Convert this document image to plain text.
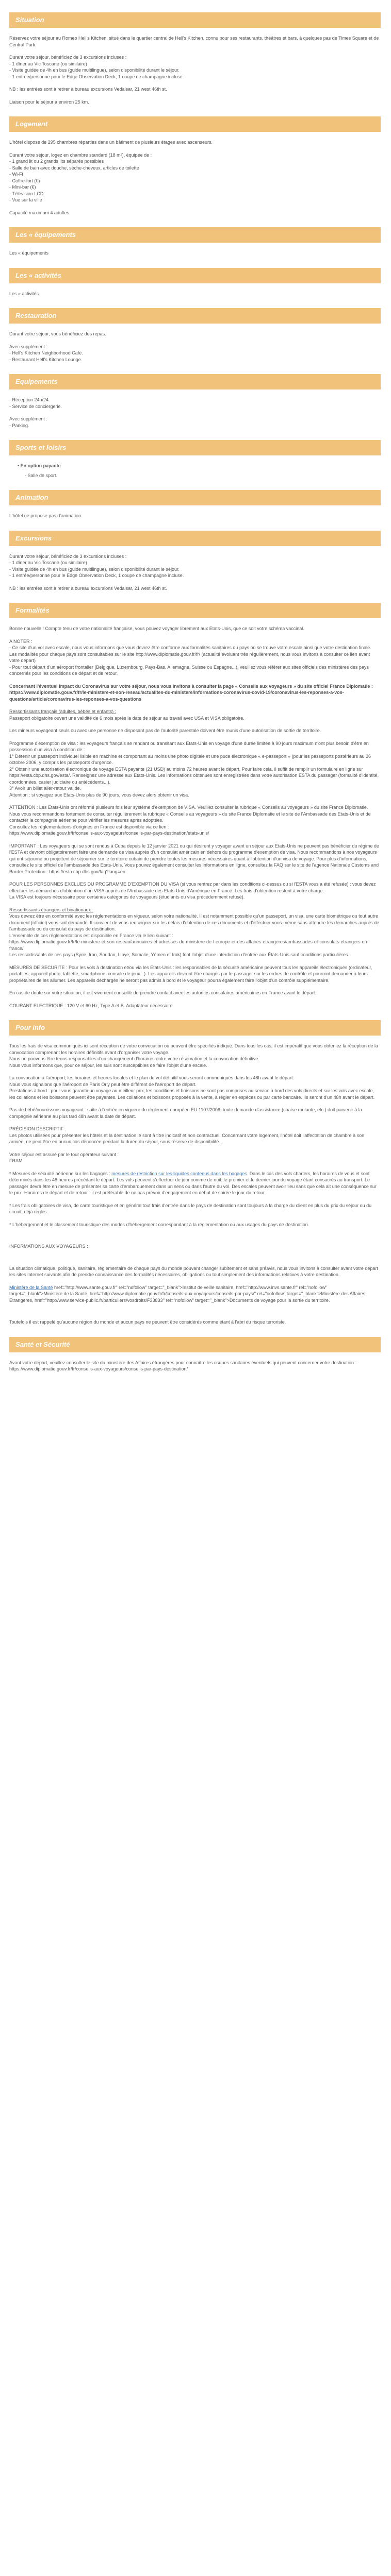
Situation

Réservez votre séjour au Romeo Hell's Kitchen, situé dans le quartier central de Hell's Kitchen, connu pour ses restaurants, théâtres et bars, à quelques pas de Times Square et de Central Park.

Durant votre séjour, bénéficiez de 3 excursions incluses :

- 1 dîner au Vic Toscane (ou similaire)

- Visite guidée de 4h en bus (guide multilingue), selon disponibilité durant le séjour.

- 1 entrée/personne pour le Edge Observation Deck, 1 coupe de champagne incluse.

NB : les entrées sont à retirer à bureau excursions Vedalsar, 21 west 46th st.

Liaison pour le séjour à environ 25 km.

Logement

L'hôtel dispose de 295 chambres réparties dans un bâtiment de plusieurs étages avec ascenseurs.

Durant votre séjour, logez en chambre standard (18 m²), équipée de :

- 1 grand lit ou 2 grands lits séparés possibles

- Salle de bain avec douche, sèche-cheveux, articles de toilette

- Wi-Fi

- Coffre-fort (€)

- Mini-bar (€)

- Télévision LCD

- Vue sur la ville

Capacité maximum 4 adultes.

Les « équipements

Les « équipements

Les « activités

Les « activités

Restauration

Durant votre séjour, vous bénéficiez des repas.

Avec supplément :

- Hell's Kitchen Neighborhood Café.

- Restaurant Hell's Kitchen Lounge.

Equipements

- Réception 24h/24.

- Service de conciergerie.

Avec supplément :

- Parking.

Sports et loisirs
• En option payante
- Salle de sport.
Animation

L'hôtel ne propose pas d'animation.

Excursions

Durant votre séjour, bénéficiez de 3 excursions incluses :

- 1 dîner au Vic Toscane (ou similaire)

- Visite guidée de 4h en bus (guide multilingue), selon disponibilité durant le séjour.

- 1 entrée/personne pour le Edge Observation Deck, 1 coupe de champagne incluse.

NB : les entrées sont à retirer à bureau excursions Vedalsar, 21 west 46th st.

Formalités

Bonne nouvelle ! Compte tenu de votre nationalité française, vous pouvez voyager librement aux Etats-Unis, que ce soit votre schéma vaccinal.

A NOTER :

- Ce site d'un vol avec escale, nous vous informons que vous devrez être conforme aux formalités sanitaires du pays où se trouve votre escale ainsi que votre destination finale.
Les modalités pour chaque pays sont consultables sur le site http://www.diplomatie.gouv.fr/fr/ (actualité évoluant très régulièrement, nous vous invitons à consulter ce lien avant votre départ)
- Pour tout départ d'un aéroport frontalier (Belgique, Luxembourg, Pays-Bas, Allemagne, Suisse ou Espagne...), veuillez vous référer aux sites officiels des ministères des pays concernés pour les conditions de départ et de retour.

Concernant l'éventuel impact du Coronavirus sur votre séjour, nous vous invitons à consulter la page « Conseils aux voyageurs » du site officiel France Diplomatie : https://www.diplomatie.gouv.fr/fr/le-ministere-et-son-reseau/actualites-du-ministere/informations-coronavirus-covid-19/coronavirus-les-reponses-a-vos-questions/article/coronavirus-les-reponses-a-vos-questions

Ressortissants français (adultes, bébés et enfants) :

Passeport obligatoire ouvert une validité de 6 mois après la date de séjour au travail avec USA et VISA obligatoire.

Les mineurs voyageant seuls ou avec une personne ne disposant pas de l'autorité parentale doivent être munis d'une autorisation de sortie de territoire.

Programme d'exemption de visa : les voyageurs français se rendant ou transitant aux Etats-Unis en voyage d'une durée limitée à 90 jours maximum n'ont plus besoin d'être en possession d'un visa à condition de :
1° Détenir un passeport individuel lisible en machine et comportant au moins une photo digitale et une puce électronique « e-passeport » (pour les passeports postérieurs au 26 octobre 2006, y compris les passeports d'urgence.
2° Obtenir une autorisation électronique de voyage ESTA payante (21 USD) au moins 72 heures avant le départ. Pour faire cela, il suffit de remplir un formulaire en ligne sur https://esta.cbp.dhs.gov/esta/. Renseignez une adresse aux Etats-Unis. Les informations obtenues sont enregistrées dans votre autorisation ESTA du passager (formalité d'identité, coordonnées, casier judiciaire ou antécédents...).
3° Avoir un billet aller-retour valide.
Attention : si voyagez aux Etats-Unis plus de 90 jours, vous devez alors obtenir un visa.

ATTENTION : Les Etats-Unis ont réformé plusieurs fois leur système d'exemption de VISA. Veuillez consulter la rubrique « Conseils au voyageurs » du site France Diplomatie.
Nous vous recommandons fortement de consulter régulièrement la rubrique « Conseils au voyageurs » du site France Diplomatie et le site de l'Ambassade des Etats-Unis et de contacter la compagnie aérienne pour vérifier les mesures après adoptées.
Consultez les réglementations d'origines en France est disponible via ce lien :
https://www.diplomatie.gouv.fr/fr/conseils-aux-voyageurs/conseils-par-pays-destination/etats-unis/

IMPORTANT : Les voyageurs qui se sont rendus à Cuba depuis le 12 janvier 2021 ou qui désirent y voyager avant un séjour aux Etats-Unis ne peuvent pas bénéficier du régime de l'ESTA et devront obligatoirement faire une demande de visa auprès d'un consulat américain en dehors du programme d'exemption de visa. Nous recommandons à nos voyageurs qui ont séjourné ou projettent de séjourner sur le territoire cubain de prendre toutes les mesures nécessaires quant à l'obtention d'un visa de voyage. Pour plus d'informations, consultez le site officiel de l'ambassade des Etats-Unis. Vous pouvez également consulter les informations en ligne, consultez la FAQ sur le site de l'agence Nationale Customs and Border Protection : https://esta.cbp.dhs.gov/faq?lang=en

POUR LES PERSONNES EXCLUES DU PROGRAMME D'EXEMPTION DU VISA (si vous rentrez par dans les conditions ci-dessus ou si l'ESTA vous a été refusée) : vous devez effectuer les démarches d'obtention d'un VISA auprès de l'Ambassade des Etats-Unis d'Amérique en France. Les frais d'obtention restent à votre charge.
La VISA est toujours nécessaire pour certaines catégories de voyageurs (étudiants ou visa précédemment refusé).

Ressortissants étrangers et binationaux :

Vous devrez être en conformité avec les réglementations en vigueur, selon votre nationalité. Il est notamment possible qu'un passeport, un visa, une carte biométrique ou tout autre document (officiel) vous soit demandé. Il convient de vous renseigner sur les délais d'obtention de ces documents et d'effectuer vous-même sans attendre les démarches auprès de l'ambassade ou du consulat du pays de destination.
L'ensemble de ces réglementations est disponible en France via le lien suivant :
https://www.diplomatie.gouv.fr/fr/le-ministere-et-son-reseau/annuaires-et-adresses-du-ministere-de-l-europe-et-des-affaires-etrangeres/ambassades-et-consulats-etrangers-en-france/
Les ressortissants de ces pays (Syrie, Iran, Soudan, Libye, Somalie, Yémen et Irak) font l'objet d'une interdiction d'entrée aux États-Unis sauf conditions particulières.

MESURES DE SECURITE : Pour les vols à destination et/ou via les Etats-Unis : les responsables de la sécurité américaine peuvent tous les appareils électroniques (ordinateur, portables, appareil photo, tablette, smartphone, console de jeux...). Les appareils devront être chargés par le passager sur les ordres de contrôle et pourront demander à leurs propriétaires de les allumer. Les appareils déchargés ne seront pas admis à bord et le voyageur pourra également faire l'objet d'un contrôle supplémentaire.

En cas de doute sur votre situation, il est vivement conseillé de prendre contact avec les autorités consulaires américaines en France avant le départ.

COURANT ELECTRIQUE : 120 V et 60 Hz, Type A et B. Adaptateur nécessaire.

Pour info

Tous les frais de visa communiqués ici sont réception de votre convocation ou peuvent être spécifiés indiqué. Dans tous les cas, il est impératif que vous obteniez la réception de la convocation comprenant les horaires définitifs avant d'organiser votre voyage.
Nous ne pouvons être tenus responsables d'un changement d'horaires entre votre réservation et la convocation définitive.
Nous vous informons que, pour ce séjour, les suis sont susceptibles de faire l'objet d'une escale.

La convocation à l'aéroport, les horaires et heures locales et le plan de vol définitif vous seront communiqués dans les 48h avant le départ.
Nous vous signalons que l'aéroport de Paris Orly peut être différent de l'aéroport de départ.
Prestations à bord : pour vous garantir un voyage au meilleur prix, les conditions et boissons ne sont pas comprises au service à bord des vols directs et sur les vols avec escale, les collations et les boissons peuvent être payantes. Les collations et boissons proposés à la vente, à régler en espèces ou par carte bancaire. Ils seront d'un 48h avant le départ.

Pas de bébé/nourrissons voyageant : suite à l'entrée en vigueur du règlement européen EU 1107/2006, toute demande d'assistance (chaise roulante, etc.) doit parvenir à la compagnie aérienne au plus tard 48h avant la date de départ.

PRÉCISION DESCRIPTIF :
Les photos utilisées pour présenter les hôtels et la destination le sont à titre indicatif et non contractuel. Concernant votre logement, l'hôtel doit l'affectation de chambre à son arrivée, ne peut être en aucun cas dénoncée pendant la durée du séjour, sous réserve de disponibilité.

Votre séjour est assuré par le tour opérateur suivant :
FRAM

* Mesures de sécurité aérienne sur les bagages : mesures de restriction sur les liquides contenus dans les bagages. Dans le cas des vols charters, les horaires de vous et sont déterminés dans les 48 heures précédant le départ. Les vols peuvent s'effectuer de jour comme de nuit, le premier et le dernier jour du voyage étant consacrés au transport. Le passager devra être en mesure de présenter sa carte d'embarquement dans un sens ou dans l'autre du vol. Des escales peuvent avoir lieu sans que cela ait une conséquence sur le prix. Horaires de départ et de retour : il est préférable de ne pas prévoir d'engagement en début de soirée le jour du retour.

* Les frais obligatoires de visa, de carte touristique et en général tout frais d'entrée dans le pays de destination sont toujours à la charge du client en plus du prix du séjour ou du circuit, déjà réglés.

* L'hébergement et le classement touristique des modes d'hébergement correspondant à la réglementation ou aux usages du pays de destination.

INFORMATIONS AUX VOYAGEURS :

La situation climatique, politique, sanitaire, réglementaire de chaque pays du monde pouvant changer subitement et sans préavis, nous vous invitons à consulter avant votre départ les sites Internet suivants afin de prendre connaissance des formalités nécessaires, obligations ou tout simplement des informations relatives à votre destination.

Ministère de la Santé href="http://www.sante.gouv.fr" rel="nofollow" target="_blank">Institut de veille sanitaire, href="http://www.invs.sante.fr" rel="nofollow" target="_blank">Ministère de la Santé, href="http://www.diplomatie.gouv.fr/fr/conseils-aux-voyageurs/conseils-par-pays/" rel="nofollow" target="_blank">Ministère des Affaires Etrangères, href="http://www.service-public.fr/particuliers/vosdroits/F33833" rel="nofollow" target="_blank">Documents de voyage pour la sortie du territoire.

Toutefois il est rappelé qu'aucune région du monde et aucun pays ne peuvent être considérés comme étant à l'abri du risque terroriste.

Santé et Sécurité

Avant votre départ, veuillez consulter le site du ministère des Affaires étrangères pour connaître les risques sanitaires éventuels qui peuvent concerner votre destination : https://www.diplomatie.gouv.fr/fr/conseils-aux-voyageurs/conseils-par-pays-destination/
